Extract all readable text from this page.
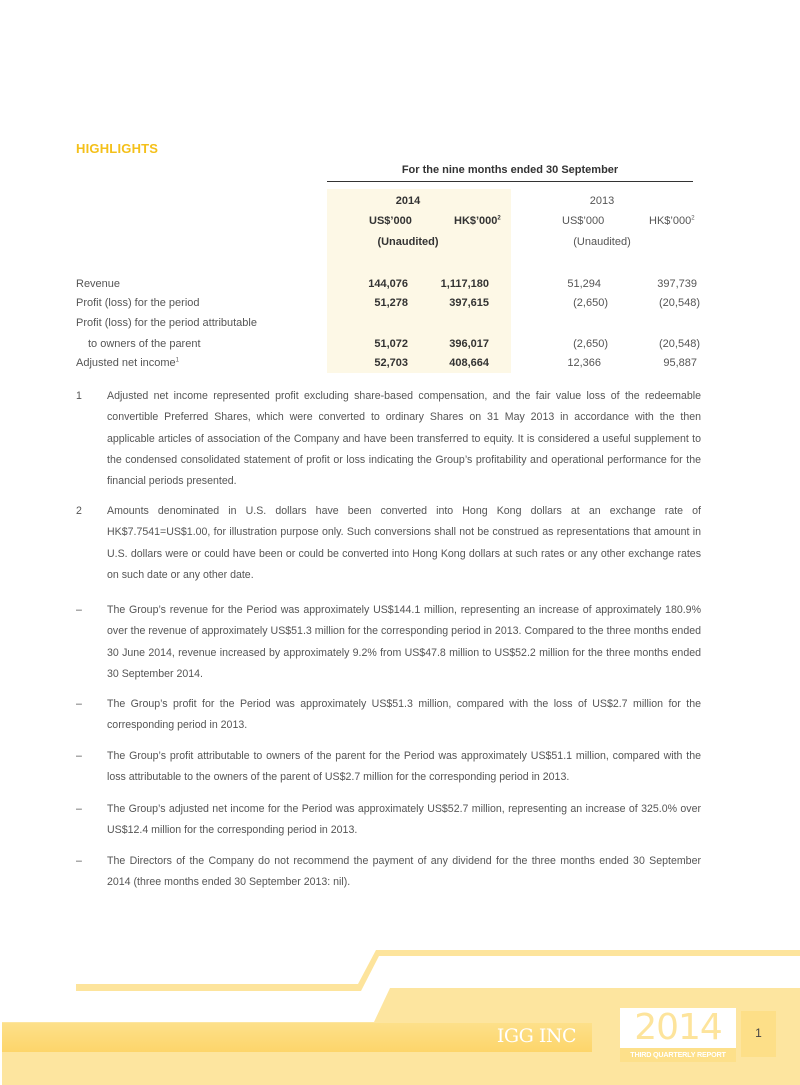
HIGHLIGHTS
For the nine months ended 30 September
2014	2013
US$’000	$HK\$’000^2$	US$’000	$HK\$’000^2$
(Unaudited)	(Unaudited)
Revenue	144,076	1,117,180	51,294	397,739
Profit (loss) for the period	51,278	397,615	(2,650)	(20,548)
Profit (loss) for the period attributable
to owners of the parent	51,072	396,017	(2,650)	(20,548)
Adjusted net income$^1$	52,703	408,664	12,366	95,887
1 Adjusted net income represented profit excluding share-based compensation, and the fair value loss of the redeemable convertible Preferred Shares, which were converted to ordinary Shares on 31 May 2013 in accordance with the then applicable articles of association of the Company and have been transferred to equity. It is considered a useful supplement to the condensed consolidated statement of profit or loss indicating the Group’s profitability and operational performance for the financial periods presented.
2 Amounts denominated in U.S. dollars have been converted into Hong Kong dollars at an exchange rate of HK$7.7541=US$1.00, for illustration purpose only. Such conversions shall not be construed as representations that amount in U.S. dollars were or could have been or could be converted into Hong Kong dollars at such rates or any other exchange rates on such date or any other date.
– The Group’s revenue for the Period was approximately US$144.1 million, representing an increase of approximately 180.9% over the revenue of approximately US$51.3 million for the corresponding period in 2013. Compared to the three months ended 30 June 2014, revenue increased by approximately 9.2% from US$47.8 million to US$52.2 million for the three months ended 30 September 2014.
– The Group’s profit for the Period was approximately US$51.3 million, compared with the loss of US$2.7 million for the corresponding period in 2013.
– The Group’s profit attributable to owners of the parent for the Period was approximately US$51.1 million, compared with the loss attributable to the owners of the parent of US$2.7 million for the corresponding period in 2013.
– The Group’s adjusted net income for the Period was approximately US$52.7 million, representing an increase of 325.0% over US$12.4 million for the corresponding period in 2013.
– The Directors of the Company do not recommend the payment of any dividend for the three months ended 30 September 2014 (three months ended 30 September 2013: nil).
IGG INC	2014
THIRD QUARTERLY REPORT
1
